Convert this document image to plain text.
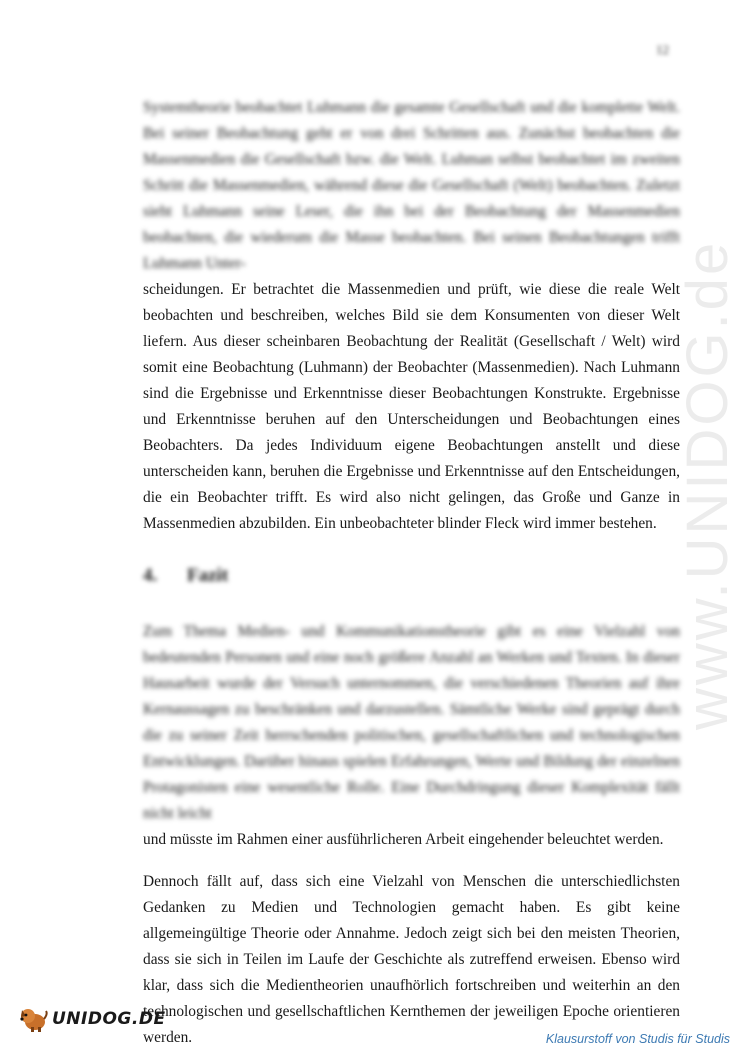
12
www.UNIDOG.de

Systemtheorie beobachtet Luhmann die gesamte Gesellschaft und die komplette Welt. Bei seiner Beobachtung geht er von drei Schritten aus. Zunächst beobachten die Massenmedien die Gesellschaft bzw. die Welt. Luhman selbst beobachtet im zweiten Schritt die Massenmedien, während diese die Gesellschaft (Welt) beobachten. Zuletzt sieht Luhmann seine Leser, die ihn bei der Beobachtung der Massenmedien beobachten, die wiederum die Masse beobachten. Bei seinen Beobachtungen trifft Luhmann Unter-

scheidungen. Er betrachtet die Massenmedien und prüft, wie diese die reale Welt beobachten und beschreiben, welches Bild sie dem Konsumenten von dieser Welt liefern. Aus dieser scheinbaren Beobachtung der Realität (Gesellschaft / Welt) wird somit eine Beobachtung (Luhmann) der Beobachter (Massenmedien). Nach Luhmann sind die Ergebnisse und Erkenntnisse dieser Beobachtungen Konstrukte. Ergebnisse und Erkenntnisse beruhen auf den Unterscheidungen und Beobachtungen eines Beobachters. Da jedes Individuum eigene Beobachtungen anstellt und diese unterscheiden kann, beruhen die Ergebnisse und Erkenntnisse auf den Entscheidungen, die ein Beobachter trifft. Es wird also nicht gelingen, das Große und Ganze in Massenmedien abzubilden. Ein unbeobachteter blinder Fleck wird immer bestehen.

4.	Fazit

Zum Thema Medien- und Kommunikationstheorie gibt es eine Vielzahl von bedeutenden Personen und eine noch größere Anzahl an Werken und Texten. In dieser Hausarbeit wurde der Versuch unternommen, die verschiedenen Theorien auf ihre Kernaussagen zu beschränken und darzustellen. Sämtliche Werke sind geprägt durch die zu seiner Zeit herrschenden politischen, gesellschaftlichen und technologischen Entwicklungen. Darüber hinaus spielen Erfahrungen, Werte und Bildung der einzelnen Protagonisten eine wesentliche Rolle. Eine Durchdringung dieser Komplexität fällt nicht leicht

und müsste im Rahmen einer ausführlicheren Arbeit eingehender beleuchtet werden.

Dennoch fällt auf, dass sich eine Vielzahl von Menschen die unterschiedlichsten Gedanken zu Medien und Technologien gemacht haben. Es gibt keine allgemeingültige Theorie oder Annahme. Jedoch zeigt sich bei den meisten Theorien, dass sie sich in Teilen im Laufe der Geschichte als zutreffend erweisen. Ebenso wird klar, dass sich die Medientheorien unaufhörlich fortschreiben und weiterhin an den technologischen und gesellschaftlichen Kernthemen der jeweiligen Epoche orientieren werden.

UNIDOG.DE
Klausurstoff von Studis für Studis
